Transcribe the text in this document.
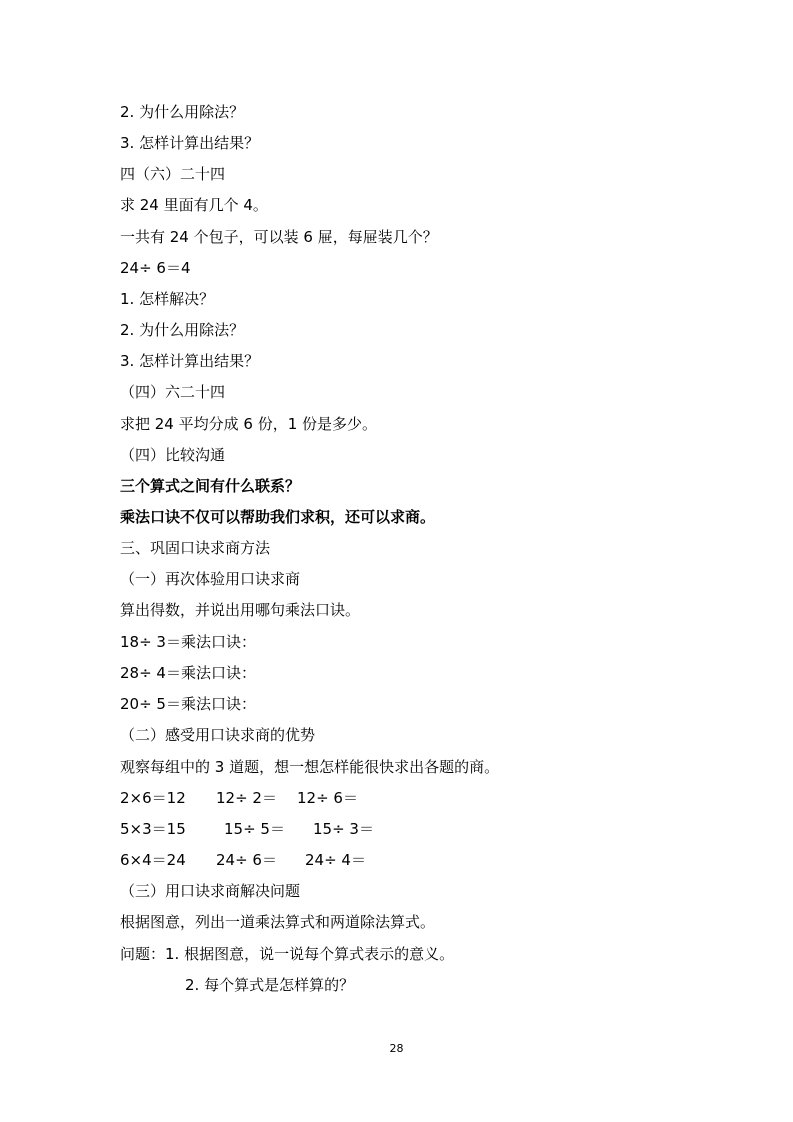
2. 为什么用除法？
3. 怎样计算出结果？
四（六）二十四
求 24 里面有几个 4。
一共有 24 个包子，可以装 6 屉，每屉装几个？
24÷ 6＝4
1. 怎样解决？
2. 为什么用除法？
3. 怎样计算出结果？
（四）六二十四
求把 24 平均分成 6 份，1 份是多少。
（四）比较沟通
三个算式之间有什么联系？
乘法口诀不仅可以帮助我们求积，还可以求商。
三、巩固口诀求商方法
（一）再次体验用口诀求商
算出得数，并说出用哪句乘法口诀。
18÷ 3＝乘法口诀：
28÷ 4＝乘法口诀：
20÷ 5＝乘法口诀：
（二）感受用口诀求商的优势
观察每组中的 3 道题，想一想怎样能很快求出各题的商。

2×6＝12

12÷ 2＝

12÷ 6＝

5×3＝15

	15÷ 5＝

15÷ 3＝

6×4＝24

24÷ 6＝

24÷ 4＝

（三）用口诀求商解决问题
根据图意，列出一道乘法算式和两道除法算式。
问题：1. 根据图意，说一说每个算式表示的意义。
2. 每个算式是怎样算的？
28
